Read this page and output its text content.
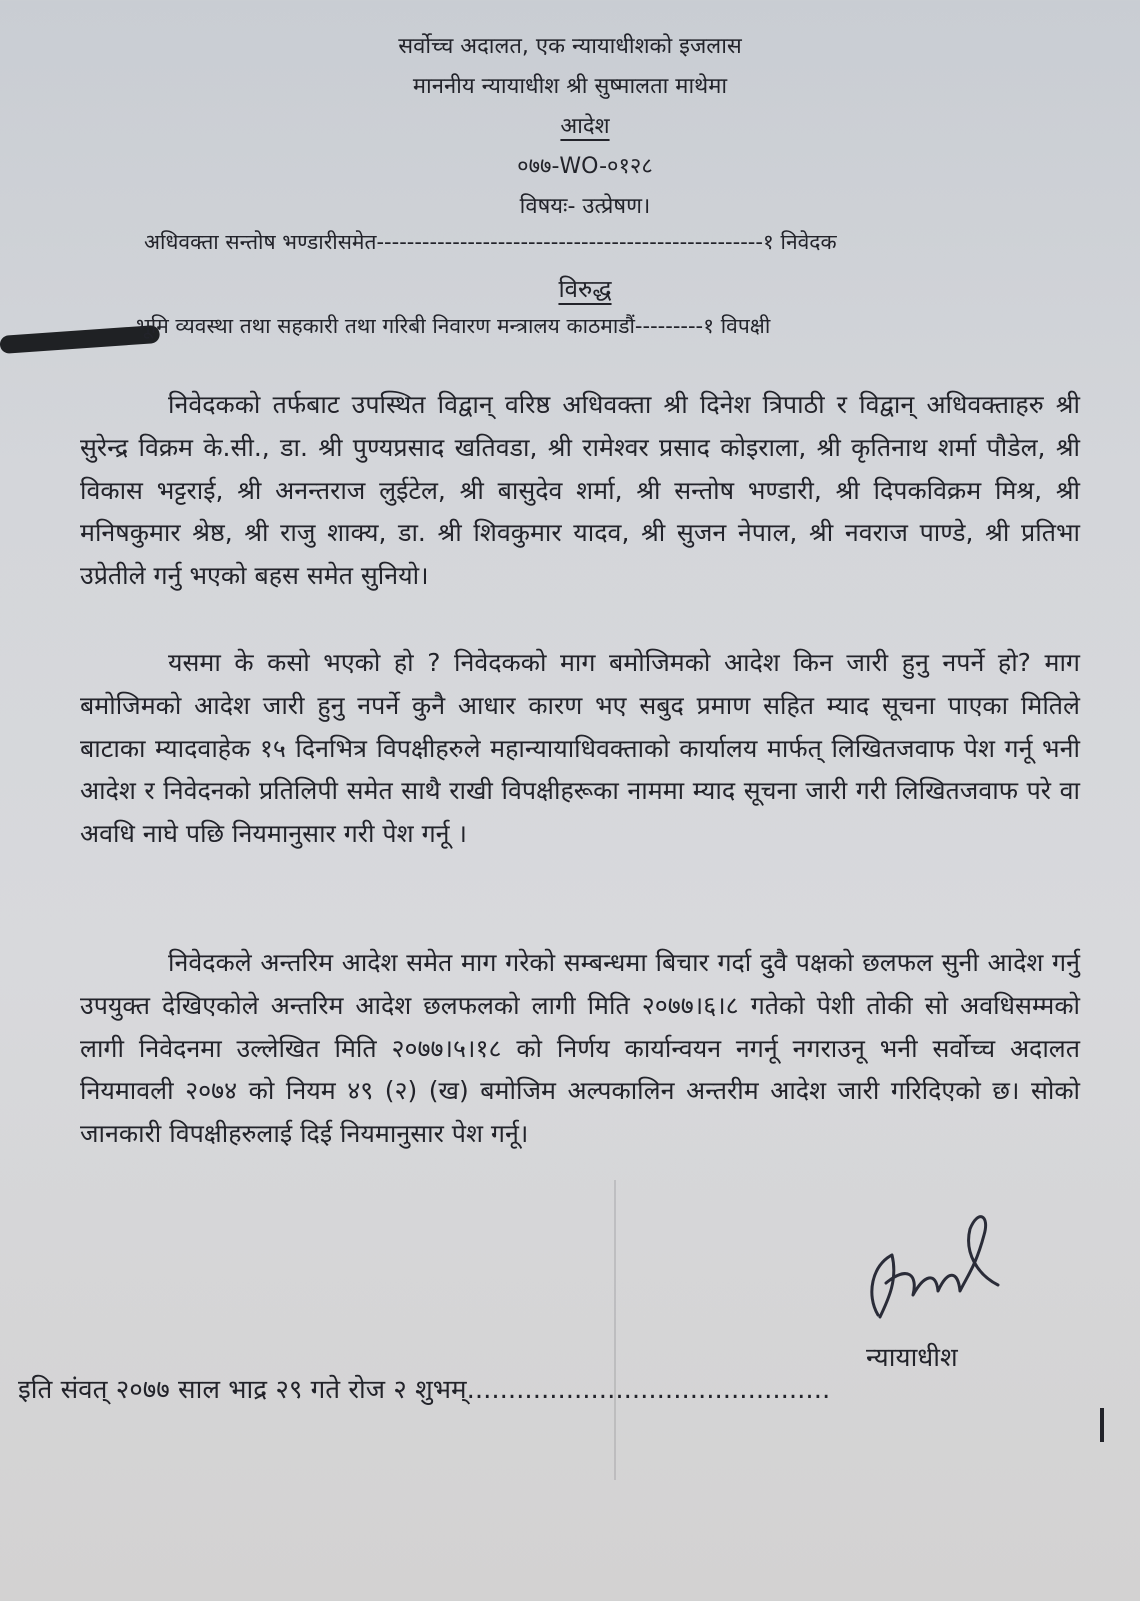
सर्वोच्च अदालत, एक न्यायाधीशको इजलास
माननीय न्यायाधीश श्री सुष्मालता माथेमा
आदेश
०७७-WO-०१२८
विषयः- उत्प्रेषण।
अधिवक्ता सन्तोष भण्डारीसमेत---------------------------------------------------१ निवेदक
विरुद्ध
भूमि व्यवस्था तथा सहकारी तथा गरिबी निवारण मन्त्रालय काठमाडौं---------१ विपक्षी

निवेदकको तर्फबाट उपस्थित विद्वान् वरिष्ठ अधिवक्ता श्री दिनेश त्रिपाठी र विद्वान् अधिवक्ताहरु श्री सुरेन्द्र विक्रम के.सी., डा. श्री पुण्यप्रसाद खतिवडा, श्री रामेश्वर प्रसाद कोइराला, श्री कृतिनाथ शर्मा पौडेल, श्री विकास भट्टराई, श्री अनन्तराज लुईटेल, श्री बासुदेव शर्मा, श्री सन्तोष भण्डारी, श्री दिपकविक्रम मिश्र, श्री मनिषकुमार श्रेष्ठ, श्री राजु शाक्य, डा. श्री शिवकुमार यादव, श्री सुजन नेपाल, श्री नवराज पाण्डे, श्री प्रतिभा उप्रेतीले गर्नु भएको बहस समेत सुनियो।

यसमा के कसो भएको हो ? निवेदकको माग बमोजिमको आदेश किन जारी हुनु नपर्ने हो? माग बमोजिमको आदेश जारी हुनु नपर्ने कुनै आधार कारण भए सबुद प्रमाण सहित म्याद सूचना पाएका मितिले बाटाका म्यादवाहेक १५ दिनभित्र विपक्षीहरुले महान्यायाधिवक्ताको कार्यालय मार्फत् लिखितजवाफ पेश गर्नू भनी आदेश र निवेदनको प्रतिलिपी समेत साथै राखी विपक्षीहरूका नाममा म्याद सूचना जारी गरी लिखितजवाफ परे वा अवधि नाघे पछि नियमानुसार गरी पेश गर्नू ।

निवेदकले अन्तरिम आदेश समेत माग गरेको सम्बन्धमा बिचार गर्दा दुवै पक्षको छलफल सुनी आदेश गर्नु उपयुक्त देखिएकोले अन्तरिम आदेश छलफलको लागी मिति २०७७।६।८ गतेको पेशी तोकी सो अवधिसम्मको लागी निवेदनमा उल्लेखित मिति २०७७।५।१८ को निर्णय कार्यान्वयन नगर्नू नगराउनू भनी सर्वोच्च अदालत नियमावली २०७४ को नियम ४९ (२) (ख) बमोजिम अल्पकालिन अन्तरीम आदेश जारी गरिदिएको छ। सोको जानकारी विपक्षीहरुलाई दिई नियमानुसार पेश गर्नू।

न्यायाधीश
इति संवत् २०७७ साल भाद्र २९ गते रोज २ शुभम्............................................
